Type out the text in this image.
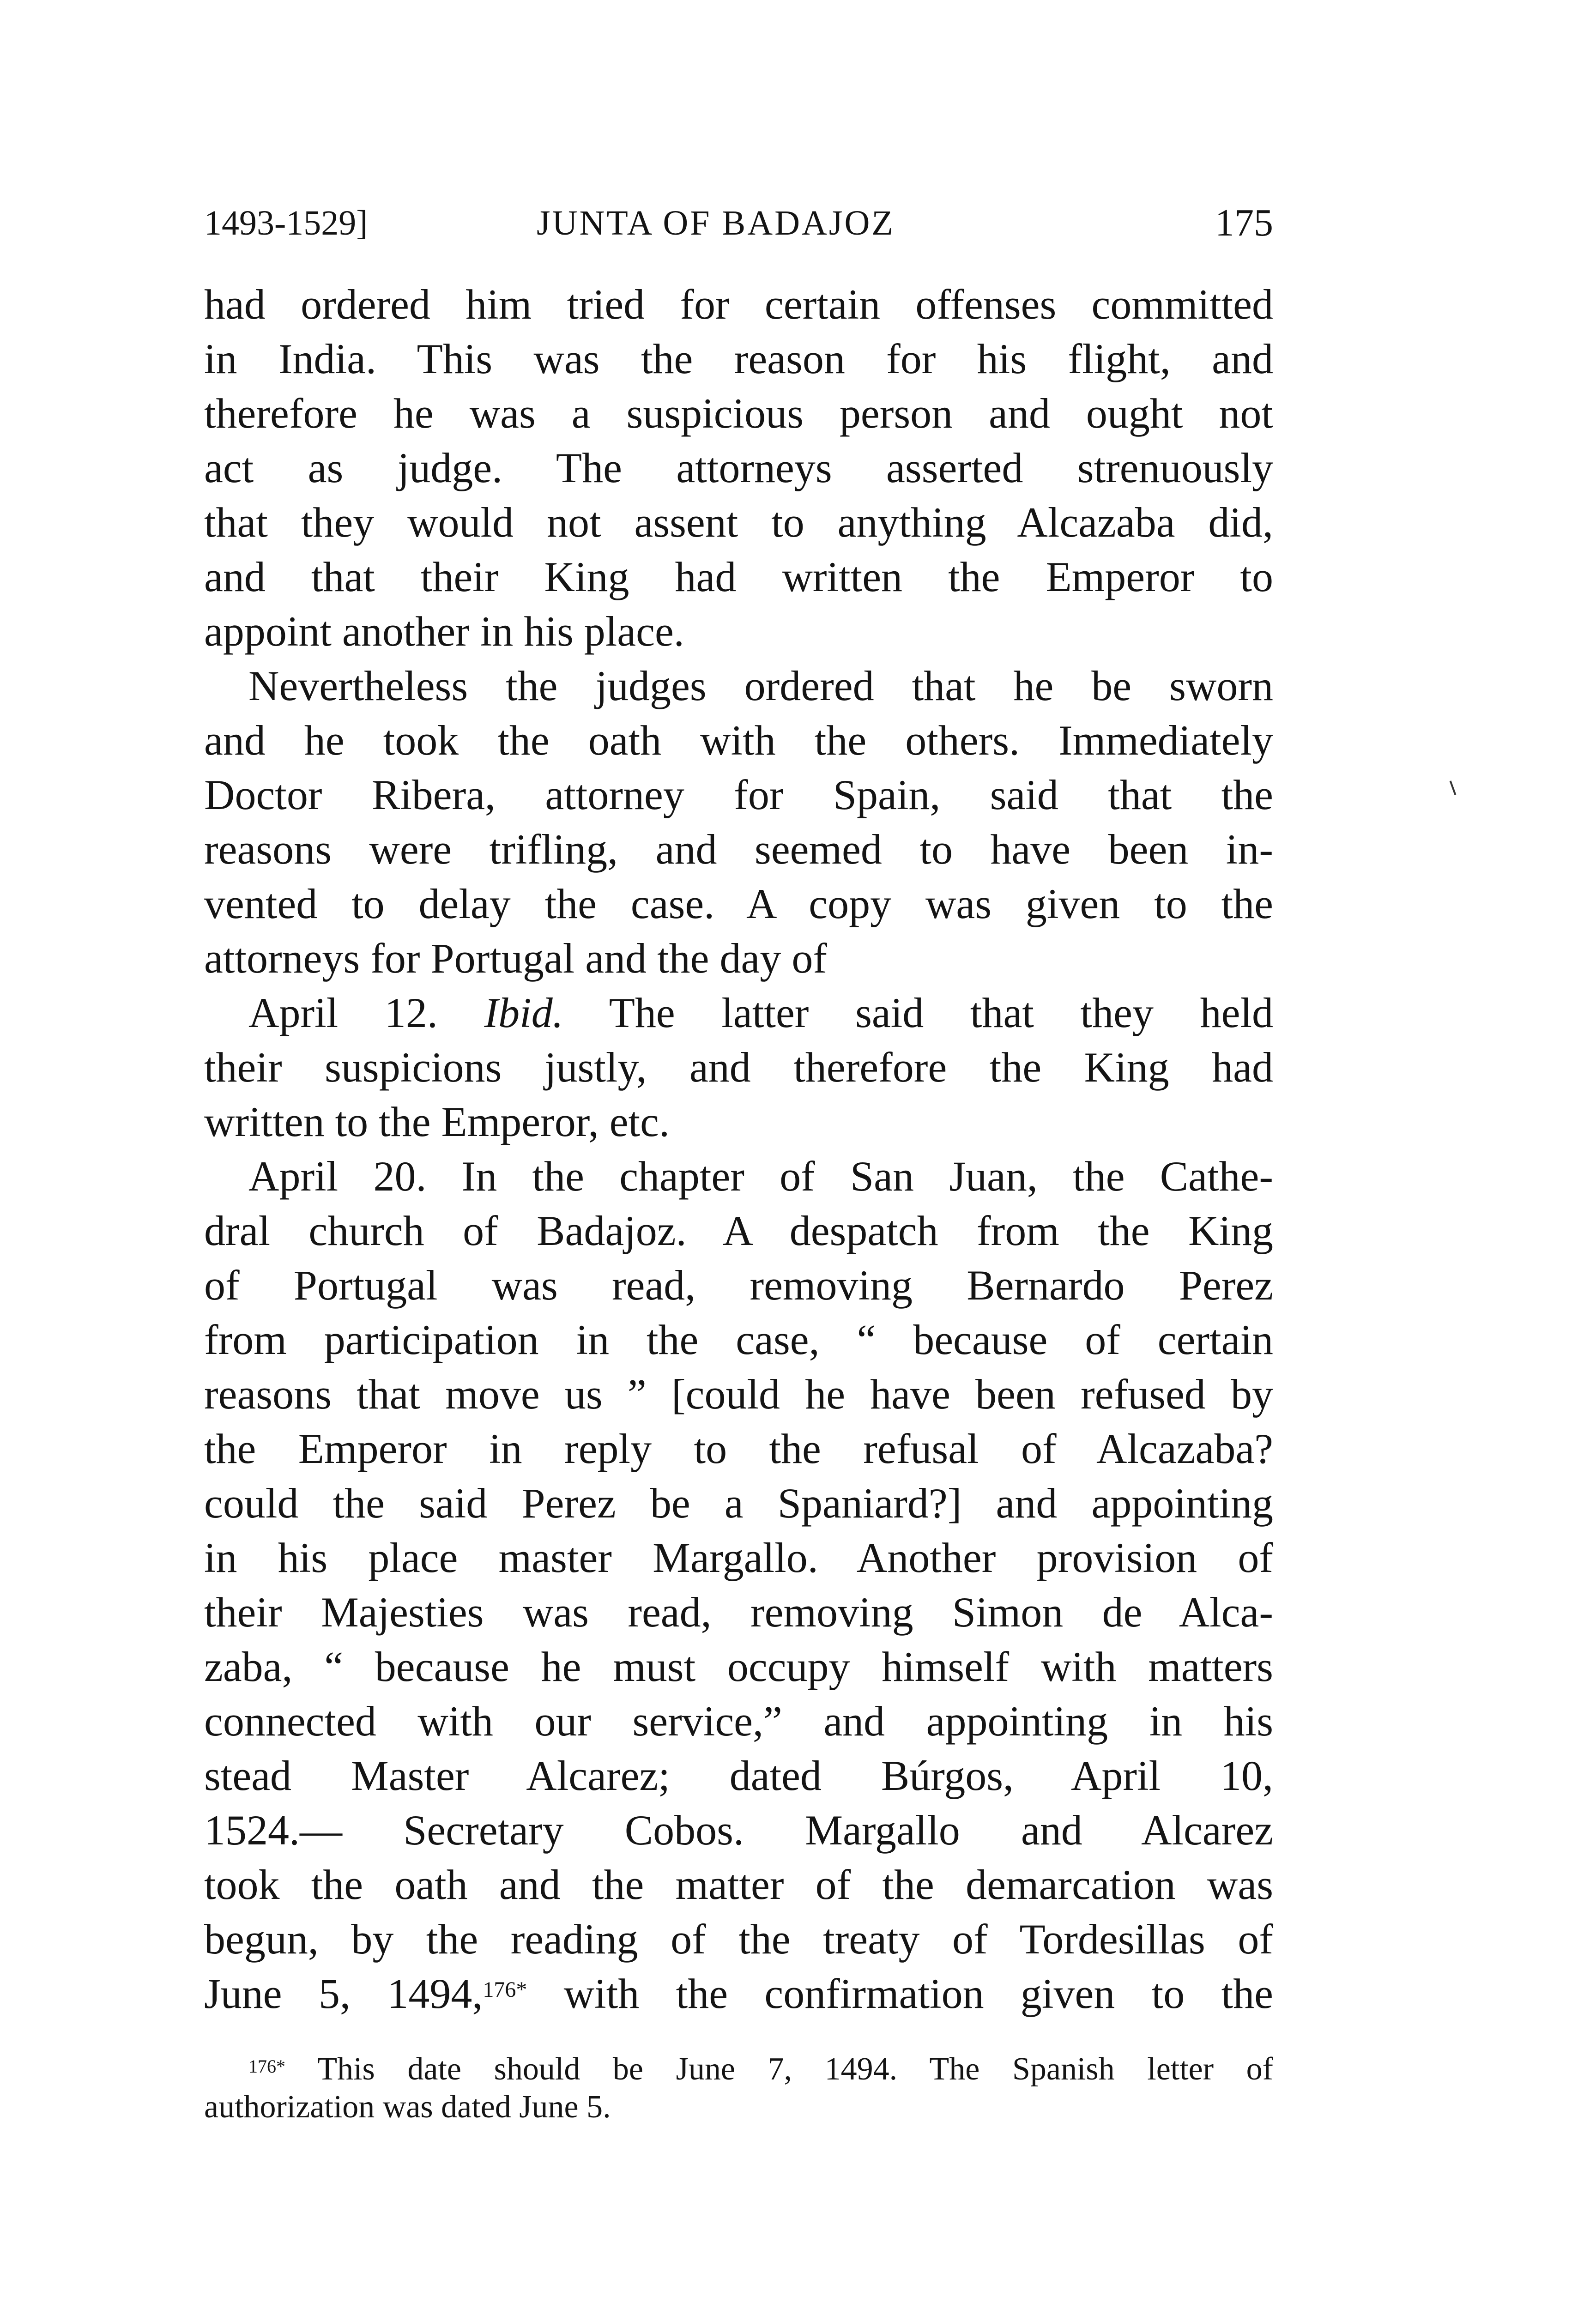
1493-1529]	JUNTA OF BADAJOZ	175
had ordered him tried for certain offenses committed
in India. This was the reason for his flight, and
therefore he was a suspicious person and ought not
act as judge. The attorneys asserted strenuously
that they would not assent to anything Alcazaba did,
and that their King had written the Emperor to
appoint another in his place.
Nevertheless the judges ordered that he be sworn
and he took the oath with the others. Immediately
Doctor Ribera, attorney for Spain, said that the
reasons were trifling, and seemed to have been in-
vented to delay the case. A copy was given to the
attorneys for Portugal and the day of
April 12. Ibid. The latter said that they held
their suspicions justly, and therefore the King had
written to the Emperor, etc.
April 20. In the chapter of San Juan, the Cathe-
dral church of Badajoz. A despatch from the King
of Portugal was read, removing Bernardo Perez
from participation in the case, “ because of certain
reasons that move us ” [could he have been refused by
the Emperor in reply to the refusal of Alcazaba?
could the said Perez be a Spaniard?] and appointing
in his place master Margallo. Another provision of
their Majesties was read, removing Simon de Alca-
zaba, “ because he must occupy himself with matters
connected with our service,” and appointing in his
stead Master Alcarez; dated Búrgos, April 10,
1524.— Secretary Cobos. Margallo and Alcarez
took the oath and the matter of the demarcation was
begun, by the reading of the treaty of Tordesillas of
June 5, 1494,$^{176*}$ with the confirmation given to the
$^{176*}$ This date should be June 7, 1494. The Spanish letter of
authorization was dated June 5.
